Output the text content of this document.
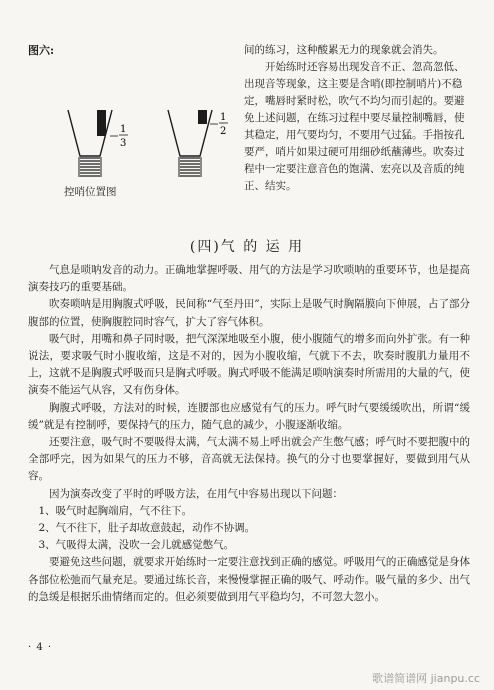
图六:
1
3
1
2
控哨位置图

间的练习，这种酸累无力的现象就会消失。

开始练时还容易出现发音不正、忽高忽低、出现音等现象，这主要是含哨(即控制哨片)不稳定，嘴唇时紧时松，吹气不均匀而引起的。要避免上述问题，在练习过程中要尽量控制嘴唇，使其稳定，用气要均匀，不要用气过猛。手指按孔要严，哨片如果过硬可用细砂纸蘸薄些。吹奏过程中一定要注意音色的饱满、宏亮以及音质的纯正、结实。

(四)气 的 运 用

气息是唢呐发音的动力。正确地掌握呼吸、用气的方法是学习吹唢呐的重要环节，也是提高演奏技巧的重要基础。

吹奏唢呐是用胸腹式呼吸，民间称“气至丹田”，实际上是吸气时胸隔膜向下伸展，占了部分腹部的位置，使胸腹腔同时容气，扩大了容气体积。

吸气时，用嘴和鼻子同时吸，把气深深地吸至小腹，使小腹随气的增多而向外扩张。有一种说法，要求吸气时小腹收缩，这是不对的，因为小腹收缩，气就下不去，吹奏时腹肌力量用不上，这就不是胸腹式呼吸而只是胸式呼吸。胸式呼吸不能满足唢呐演奏时所需用的大量的气，使演奏不能运气从容，又有伤身体。

胸腹式呼吸，方法对的时候，连腰部也应感觉有气的压力。呼气时气要缓缓吹出，所谓“缓缓”就是有控制呼，要保持气的压力，随气息的减少，小腹逐渐收缩。

还要注意，吸气时不要吸得太满，气太满不易上呼出就会产生憋气感；呼气时不要把腹中的全部呼完，因为如果气的压力不够，音高就无法保持。换气的分寸也要掌握好，要做到用气从容。

因为演奏改变了平时的呼吸方法，在用气中容易出现以下问题：

1、吸气时起胸端肩，气不往下。

2、气不往下，肚子却故意鼓起，动作不协调。

3、气吸得太满，没吹一会儿就感觉憋气。

要避免这些问题，就要求开始练时一定要注意找到正确的感觉。呼吸用气的正确感觉是身体各部位松弛而气量充足。要通过练长音，来慢慢掌握正确的吸气、呼动作。吸气量的多少、出气的急缓是根据乐曲情绪而定的。但必须要做到用气平稳均匀，不可忽大忽小。

· 4 ·
歌谱简谱网 jianpu.cc
